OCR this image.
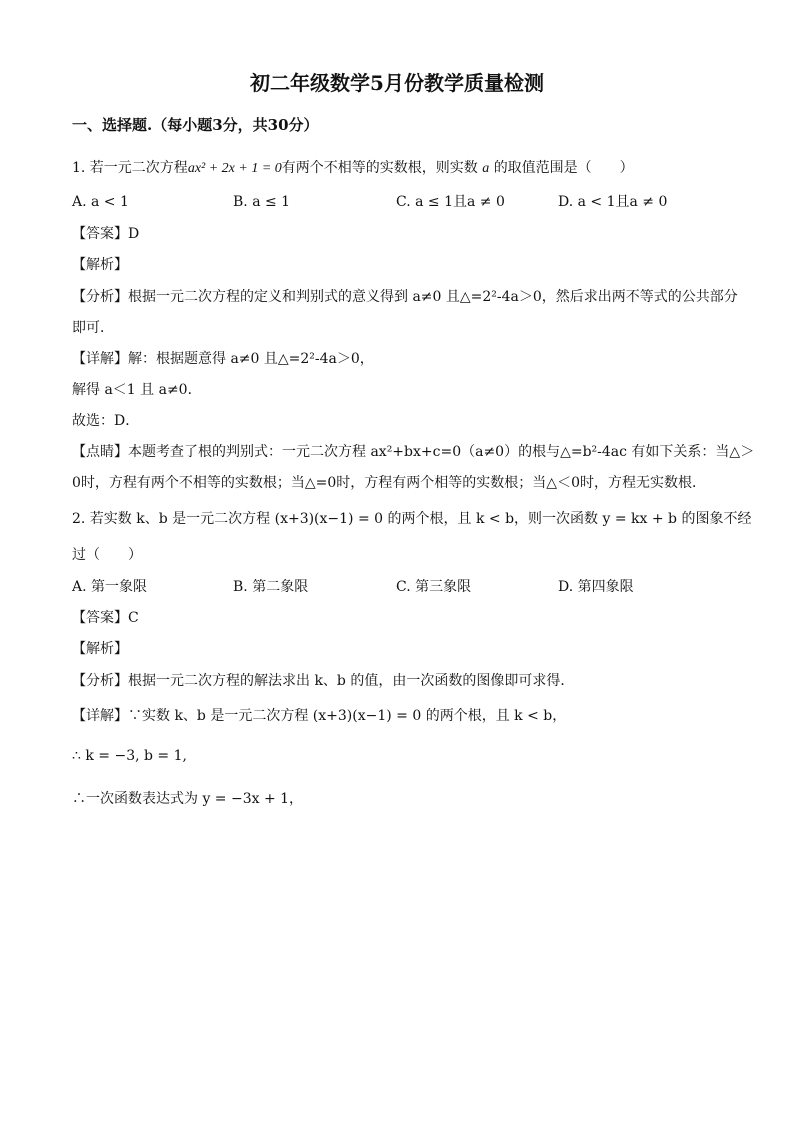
初二年级数学5月份教学质量检测
一、选择题.（每小题3分，共30分）
1. 若一元二次方程ax² + 2x + 1 = 0有两个不相等的实数根，则实数 a 的取值范围是（　　）
A. a < 1	B. a ≤ 1	C. a ≤ 1且a ≠ 0	D. a < 1且a ≠ 0
【答案】D
【解析】
【分析】根据一元二次方程的定义和判别式的意义得到 a≠0 且△=2²-4a＞0，然后求出两不等式的公共部分
即可．
【详解】解：根据题意得 a≠0 且△=2²-4a＞0，
解得 a＜1 且 a≠0．
故选：D．
【点睛】本题考查了根的判别式：一元二次方程 ax²+bx+c=0（a≠0）的根与△=b²-4ac 有如下关系：当△＞
0时，方程有两个不相等的实数根；当△=0时，方程有两个相等的实数根；当△＜0时，方程无实数根．
2. 若实数 k、b 是一元二次方程 (x+3)(x−1) = 0 的两个根，且 k < b，则一次函数 y = kx + b 的图象不经
过（　　）
A. 第一象限	B. 第二象限	C. 第三象限	D. 第四象限
【答案】C
【解析】
【分析】根据一元二次方程的解法求出 k、b 的值，由一次函数的图像即可求得．
【详解】∵实数 k、b 是一元二次方程 (x+3)(x−1) = 0 的两个根，且 k < b，
∴ k = −3, b = 1,
∴一次函数表达式为 y = −3x + 1，
